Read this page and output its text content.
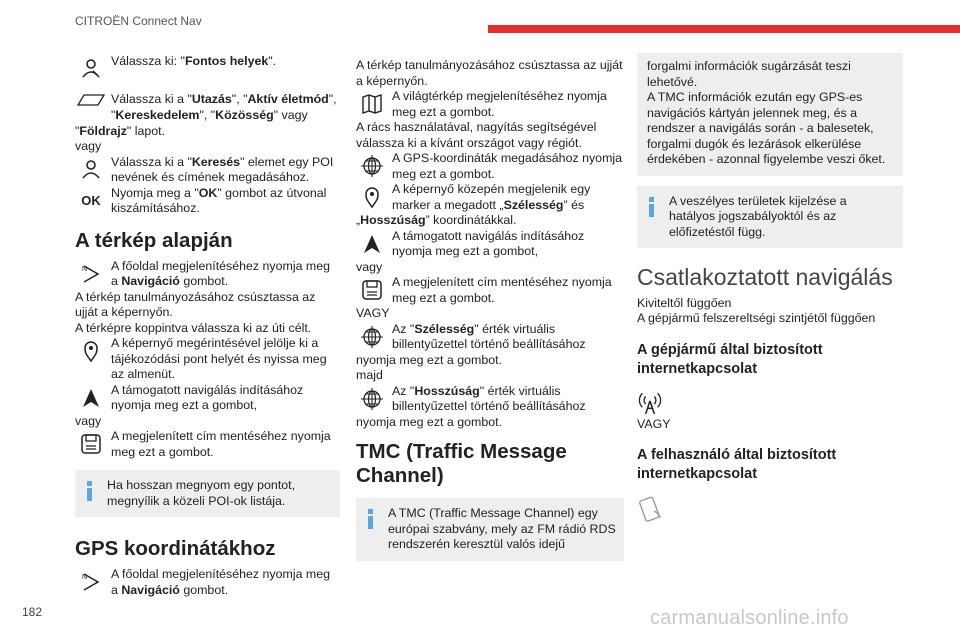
CITROËN Connect Nav
182	carmanualsonline.info

Válassza ki: "Fontos helyek".

Válassza ki a "Utazás", "Aktív életmód",

"Kereskedelem", "Közösség" vagy

"Földrajz" lapot.

vagy

Válassza ki a "Keresés" elemet egy POI nevének és címének megadásához.

OK

Nyomja meg a "OK" gombot az útvonal kiszámításához.

A térkép alapján
N A főoldal megjelenítéséhez nyomja meg a Navigáció gombot.

A térkép tanulmányozásához csúsztassa az ujját a képernyőn.

A térképre koppintva válassza ki az úti célt.

A képernyő megérintésével jelölje ki a tájékozódási pont helyét és nyissa meg az almenüt.

A támogatott navigálás indításához nyomja meg ezt a gombot,

vagy

A megjelenített cím mentéséhez nyomja meg ezt a gombot.

Ha hosszan megnyom egy pontot, megnyílik a közeli POI-ok listája.
GPS koordinátákhoz
N A főoldal megjelenítéséhez nyomja meg a Navigáció gombot.

A térkép tanulmányozásához csúsztassa az ujját a képernyőn.

A világtérkép megjelenítéséhez nyomja meg ezt a gombot.

A rács használatával, nagyítás segítségével válassza ki a kívánt országot vagy régiót.

A GPS-koordináták megadásához nyomja meg ezt a gombot.

A képernyő közepén megjelenik egy marker a megadott „Szélesség” és

„Hosszúság” koordinátákkal.

A támogatott navigálás indításához nyomja meg ezt a gombot,

vagy

A megjelenített cím mentéséhez nyomja meg ezt a gombot.

VAGY

Az "Szélesség" érték virtuális billentyűzettel történő beállításához

nyomja meg ezt a gombot.

majd

Az "Hosszúság" érték virtuális billentyűzettel történő beállításához

nyomja meg ezt a gombot.

TMC (Traffic Message Channel)
A TMC (Traffic Message Channel) egy európai szabvány, mely az FM rádió RDS rendszerén keresztül valós idejű
forgalmi információk sugárzását teszi lehetővé.
A TMC információk ezután egy GPS-es navigációs kártyán jelennek meg, és a rendszer a navigálás során - a balesetek, forgalmi dugók és lezárások elkerülése érdekében - azonnal figyelembe veszi őket.
A veszélyes területek kijelzése a hatályos jogszabályoktól és az előfizetéstől függ.
Csatlakoztatott navigálás

Kiviteltől függően

A gépjármű felszereltségi szintjétől függően

A gépjármű által biztosított internetkapcsolat

VAGY

A felhasználó által biztosított internetkapcsolat
